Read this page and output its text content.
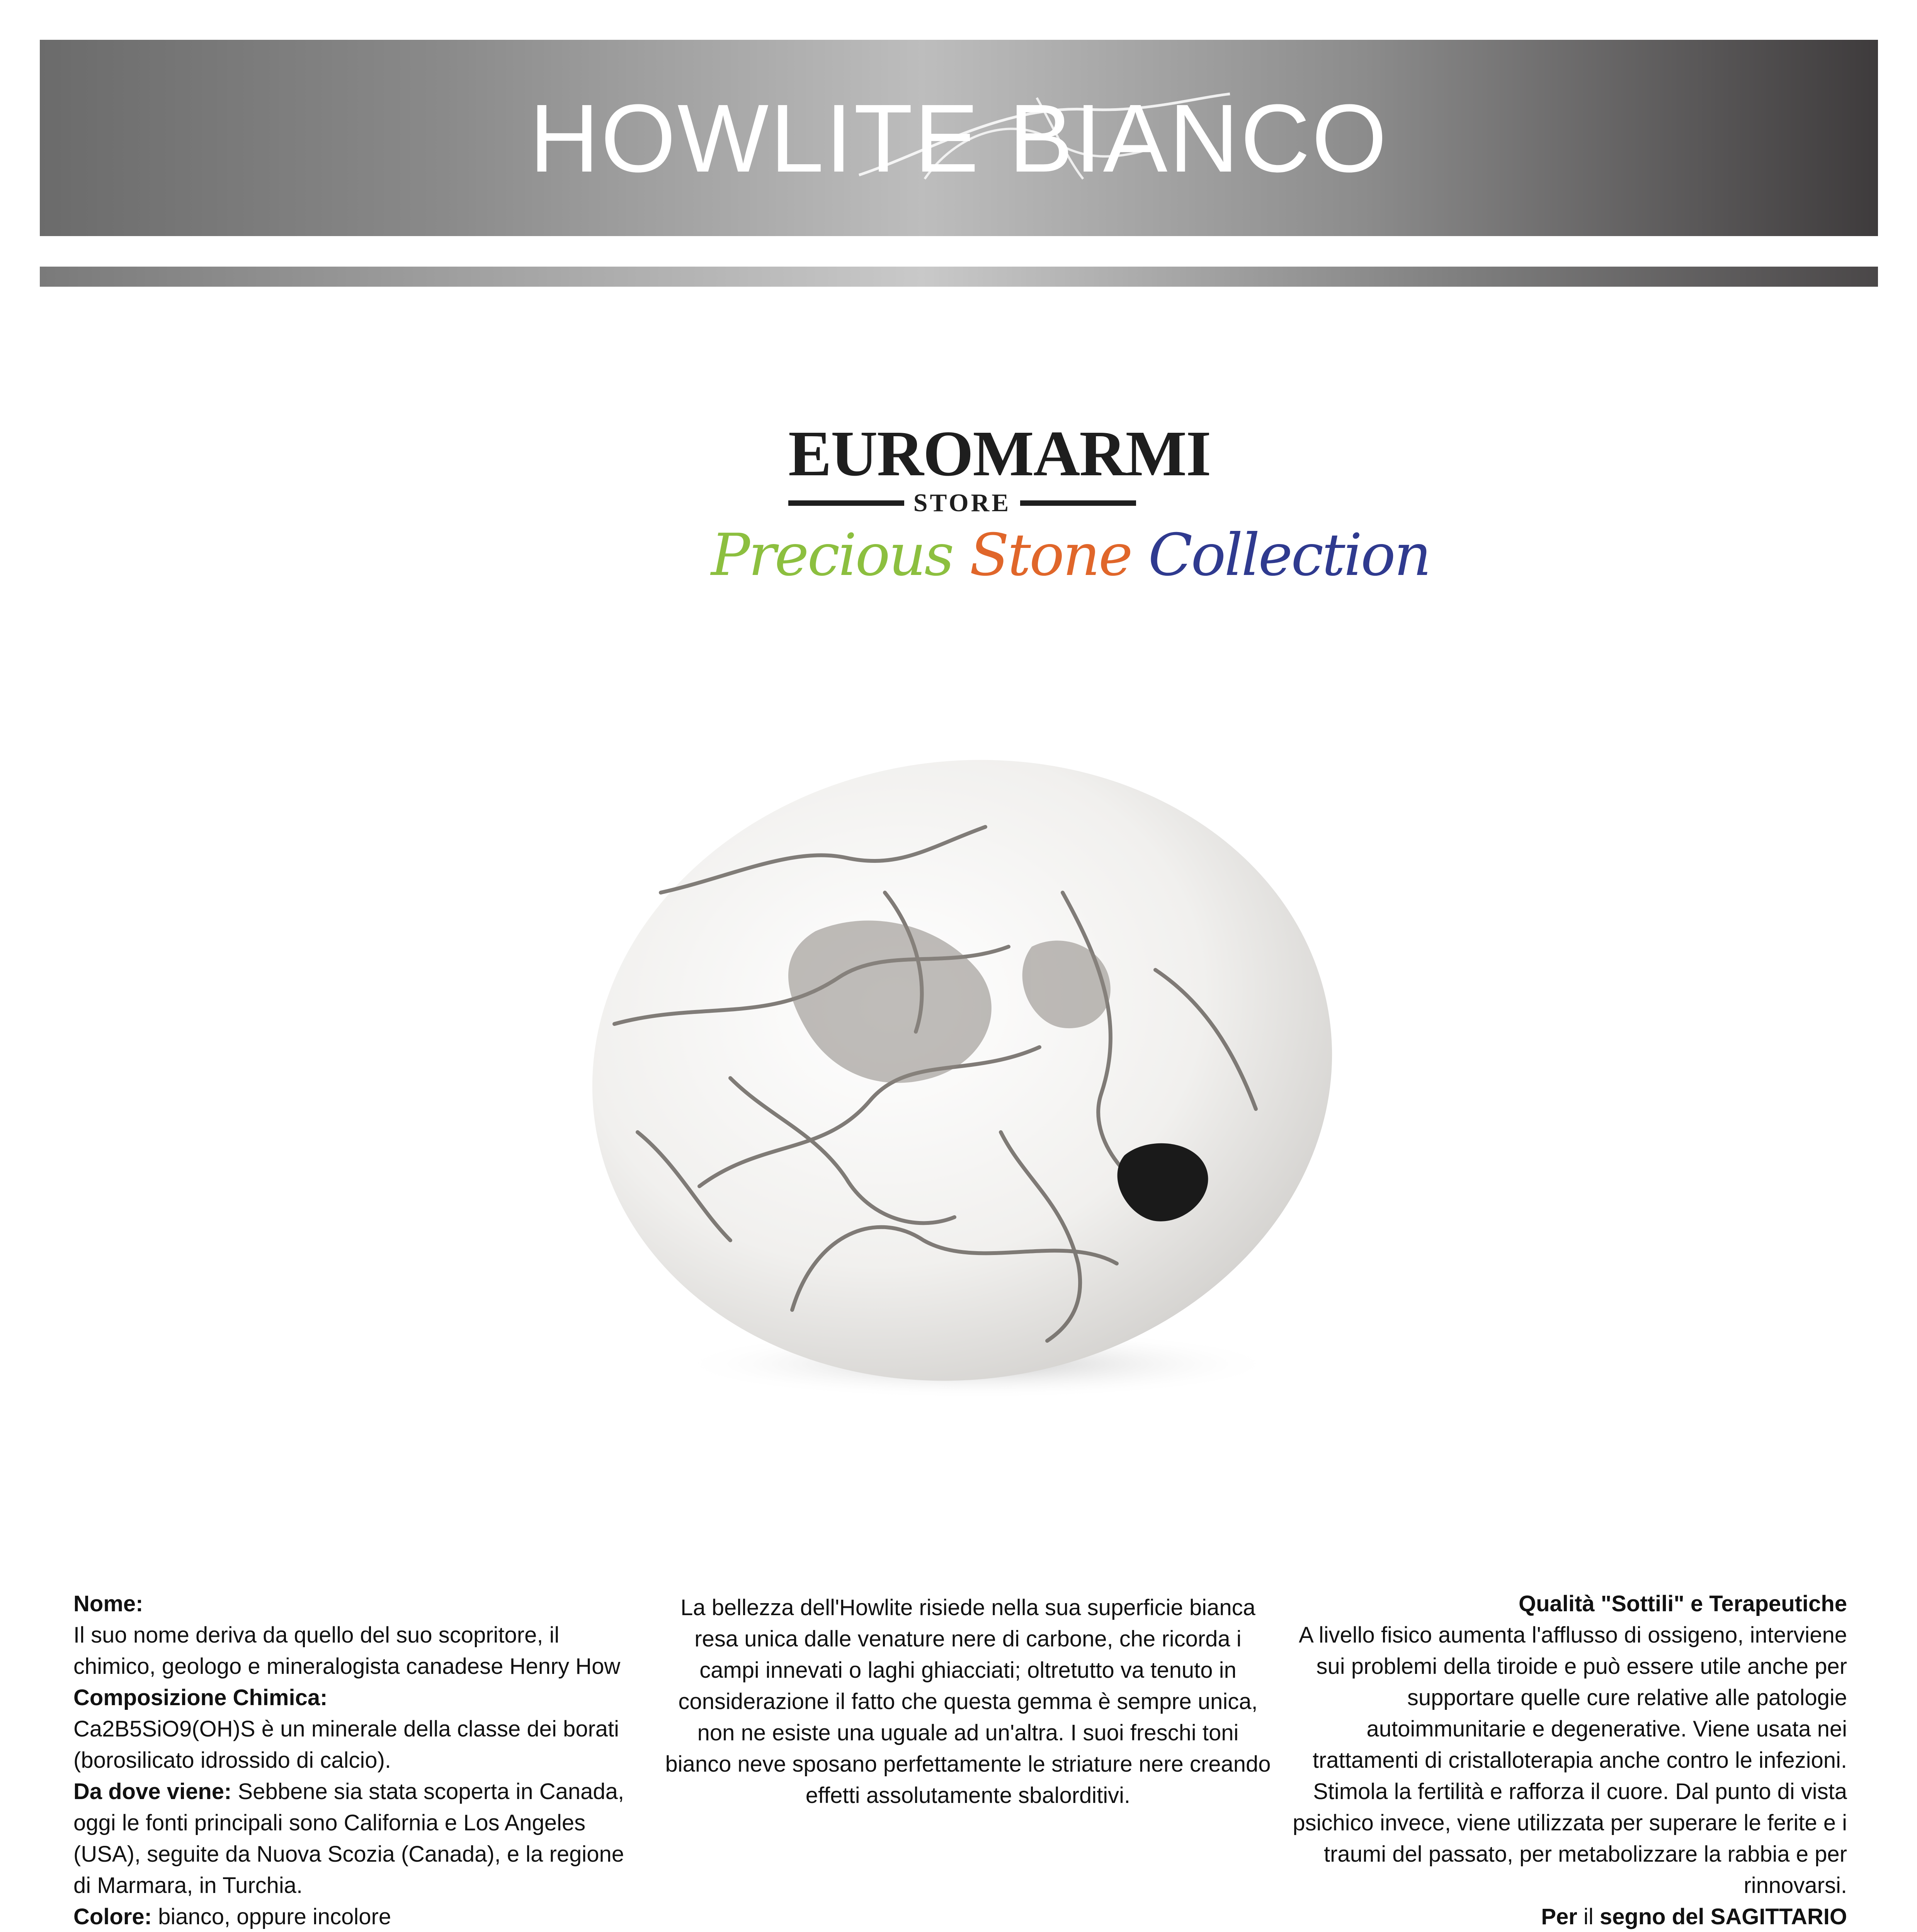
HOWLITE BIANCO
EUROMARMI
STORE
Precious Stone Collection

Nome:

Il suo nome deriva da quello del suo scopritore, il chimico, geologo e mineralogista canadese Henry How

Composizione Chimica:

Ca2B5SiO9(OH)S è un minerale della classe dei borati (borosilicato idrossido di calcio).

Da dove viene: Sebbene sia stata scoperta in Canada, oggi le fonti principali sono California e Los Angeles (USA), seguite da Nuova Scozia (Canada), e la regione di Marmara, in Turchia.

Colore: bianco, oppure incolore

La bellezza dell'Howlite risiede nella sua superficie bianca resa unica dalle venature nere di carbone, che ricorda i campi innevati o laghi ghiacciati; oltretutto va tenuto in considerazione il fatto che questa gemma è sempre unica, non ne esiste una uguale ad un'altra. I suoi freschi toni bianco neve sposano perfettamente le striature nere creando effetti assolutamente sbalorditivi.

Qualità "Sottili" e Terapeutiche

A livello fisico aumenta l'afflusso di ossigeno, interviene sui problemi della tiroide e può essere utile anche per supportare quelle cure relative alle patologie autoimmunitarie e degenerative. Viene usata nei trattamenti di cristalloterapia anche contro le infezioni. Stimola la fertilità e rafforza il cuore. Dal punto di vista psichico invece, viene utilizzata per superare le ferite e i traumi del passato, per metabolizzare la rabbia e per rinnovarsi.

Per il segno del SAGITTARIO
